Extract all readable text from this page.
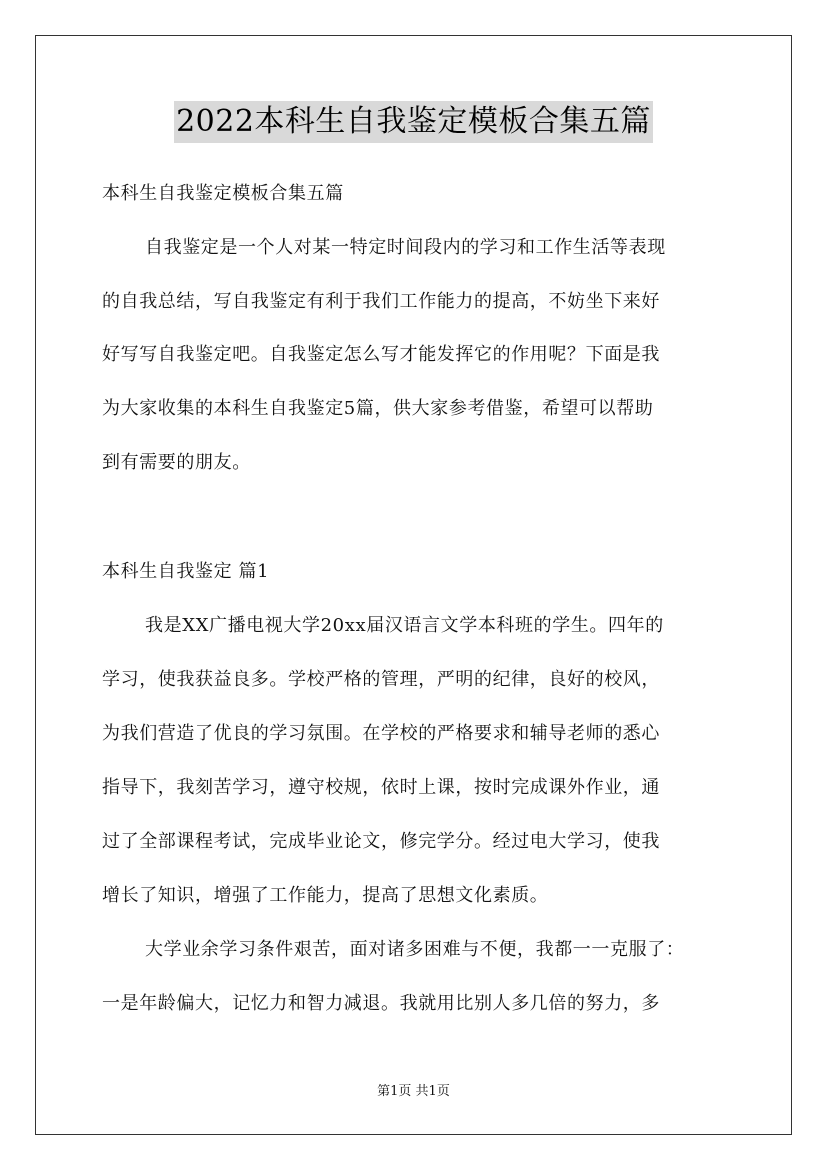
2022本科生自我鉴定模板合集五篇
本科生自我鉴定模板合集五篇
自我鉴定是一个人对某一特定时间段内的学习和工作生活等表现
的自我总结，写自我鉴定有利于我们工作能力的提高，不妨坐下来好
好写写自我鉴定吧。自我鉴定怎么写才能发挥它的作用呢？下面是我
为大家收集的本科生自我鉴定5篇，供大家参考借鉴，希望可以帮助
到有需要的朋友。
本科生自我鉴定 篇1
我是XX广播电视大学20xx届汉语言文学本科班的学生。四年的
学习，使我获益良多。学校严格的管理，严明的纪律，良好的校风，
为我们营造了优良的学习氛围。在学校的严格要求和辅导老师的悉心
指导下，我刻苦学习，遵守校规，依时上课，按时完成课外作业，通
过了全部课程考试，完成毕业论文，修完学分。经过电大学习，使我
增长了知识，增强了工作能力，提高了思想文化素质。
大学业余学习条件艰苦，面对诸多困难与不便，我都一一克服了：
一是年龄偏大，记忆力和智力减退。我就用比别人多几倍的努力，多
第1页 共1页
